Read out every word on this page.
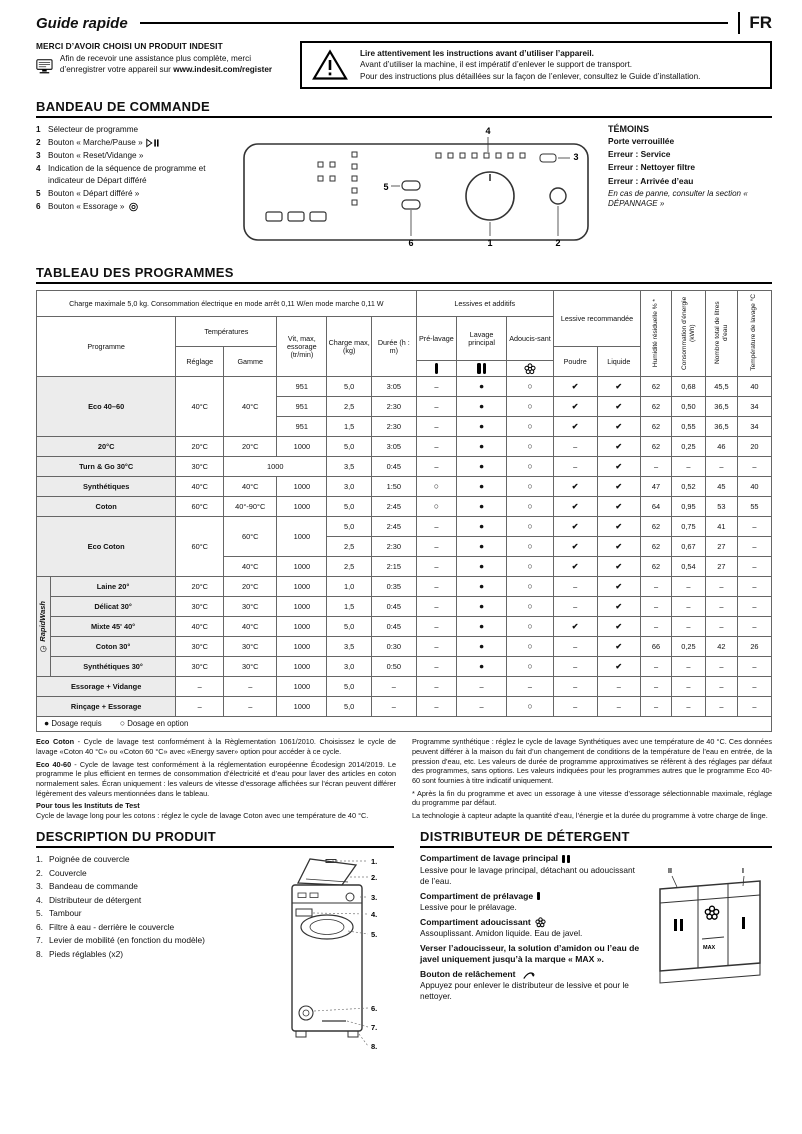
Guide rapide	FR
MERCI D’AVOIR CHOISI UN PRODUIT INDESIT
Afin de recevoir une assistance plus complète, merci d’enregistrer votre appareil sur www.indesit.com/register
Lire attentivement les instructions avant d’utiliser l’appareil.
Avant d’utiliser la machine, il est impératif d’enlever le support de transport.
Pour des instructions plus détaillées sur la façon de l’enlever, consultez le Guide d’installation.
BANDEAU DE COMMANDE
1 Sélecteur de programme
2 Bouton « Marche/Pause »
3 Bouton « Reset/Vidange »
4 Indication de la séquence de programme et indicateur de Départ différé
5 Bouton « Départ différé »
6 Bouton « Essorage »
4
3
5
6	1	2
TÉMOINS
Porte verrouillée
Erreur : Service
Erreur : Nettoyer filtre
Erreur : Arrivée d’eau
En cas de panne, consulter la section « DÉPANNAGE »
TABLEAU DES PROGRAMMES
Charge maximale 5,0 kg. Consommation électrique en mode arrêt 0,11 W/en mode marche 0,11 W							Lessives et additifs			Lessive recommandée		Humidité résiduelle % *	Consommation d’énergie (kWh)	Nombre total de litres d’eau	Température de lavage °C
Programme		Températures		Vit, max, essorage (tr/min)	Charge max, (kg)	Durée (h : m)	Pré-lavage	Lavage principal	Adoucis-sant						
		Réglage	Gamme							Poudre	Liquide				

Eco 40–60		40°C	40°C	951	5,0	3:05	–	●	○	✔	✔	62	0,68	45,5	40
				951	2,5	2:30	–	●	○	✔	✔	62	0,50	36,5	34
				951	1,5	2:30	–	●	○	✔	✔	62	0,55	36,5	34
20°C		20°C	20°C	1000	5,0	3:05	–	●	○	–	✔	62	0,25	46	20
Turn & Go 30°C		30°C	1000		3,5	0:45	–	●	○	–	✔	–	–	–	–
Synthétiques		40°C	40°C	1000	3,0	1:50	○	●	○	✔	✔	47	0,52	45	40
Coton		60°C	40°-90°C	1000	5,0	2:45	○	●	○	✔	✔	64	0,95	53	55
Eco Coton		60°C	60°C	1000	5,0	2:45	–	●	○	✔	✔	62	0,75	41	–
					2,5	2:30	–	●	○	✔	✔	62	0,67	27	–
			40°C	1000	2,5	2:15	–	●	○	✔	✔	62	0,54	27	–

RapidWash
◷	Laine 20°	20°C	20°C	1000	1,0	0:35	–	●	○	–	✔	–	–	–	–
	Délicat 30°	30°C	30°C	1000	1,5	0:45	–	●	○	–	✔	–	–	–	–
	Mixte 45' 40°	40°C	40°C	1000	5,0	0:45	–	●	○	✔	✔	–	–	–	–
	Coton 30°	30°C	30°C	1000	3,5	0:30	–	●	○	–	✔	66	0,25	42	26
	Synthétiques 30°	30°C	30°C	1000	3,0	0:50	–	●	○	–	✔	–	–	–	–
Essorage + Vidange		–	–	1000	5,0	–	–	–	–	–	–	–	–	–	–
Rinçage + Essorage		–	–	1000	5,0	–	–	–	○	–	–	–	–	–	–
● Dosage requis ○ Dosage en option															

Eco Coton - Cycle de lavage test conformément à la Règlementation 1061/2010. Choisissez le cycle de lavage «Coton 40 °C» ou «Coton 60 °C» avec «Energy saver» option pour accéder à ce cycle.

Eco 40-60 - Cycle de lavage test conformément à la réglementation européenne Écodesign 2014/2019. Le programme le plus efficient en termes de consommation d’électricité et d’eau pour laver des articles en coton normalement sales. Écran uniquement : les valeurs de vitesse d’essorage affichées sur l’écran peuvent différer légèrement des valeurs mentionnées dans le tableau.

Pour tous les Instituts de Test

Cycle de lavage long pour les cotons : réglez le cycle de lavage Coton avec une température de 40 °C.

Programme synthétique : réglez le cycle de lavage Synthétiques avec une température de 40 °C. Ces données peuvent différer à la maison du fait d’un changement de conditions de la température de l’eau en entrée, de la pression d’eau, etc. Les valeurs de durée de programme approximatives se réfèrent à des réglages par défaut des programmes, sans options. Les valeurs indiquées pour les programmes autres que le programme Eco 40-60 sont fournies à titre indicatif uniquement.

* Après la fin du programme et avec un essorage à une vitesse d’essorage sélectionnable maximale, réglage du programme par défaut.

La technologie à capteur adapte la quantité d’eau, l’énergie et la durée du programme à votre charge de linge.

DESCRIPTION DU PRODUIT
1. Poignée de couvercle
2. Couvercle
3. Bandeau de commande
4. Distributeur de détergent
5. Tambour
6. Filtre à eau - derrière le couvercle
7. Levier de mobilité (en fonction du modèle)
8. Pieds réglables (x2)
1.
2.
3.
4.
5.
6.
7.
8.
DISTRIBUTEUR DE DÉTERGENT
Compartiment de lavage principal
Lessive pour le lavage principal, détachant ou adoucissant de l’eau.
Compartiment de prélavage
Lessive pour le prélavage.
Compartiment adoucissant
Assouplissant. Amidon liquide. Eau de javel.
Verser l’adoucisseur, la solution d’amidon ou l’eau de javel uniquement jusqu’à la marque « MAX ».
Bouton de relâchement
Appuyez pour enlever le distributeur de lessive et pour le nettoyer.
II	I
MAX
